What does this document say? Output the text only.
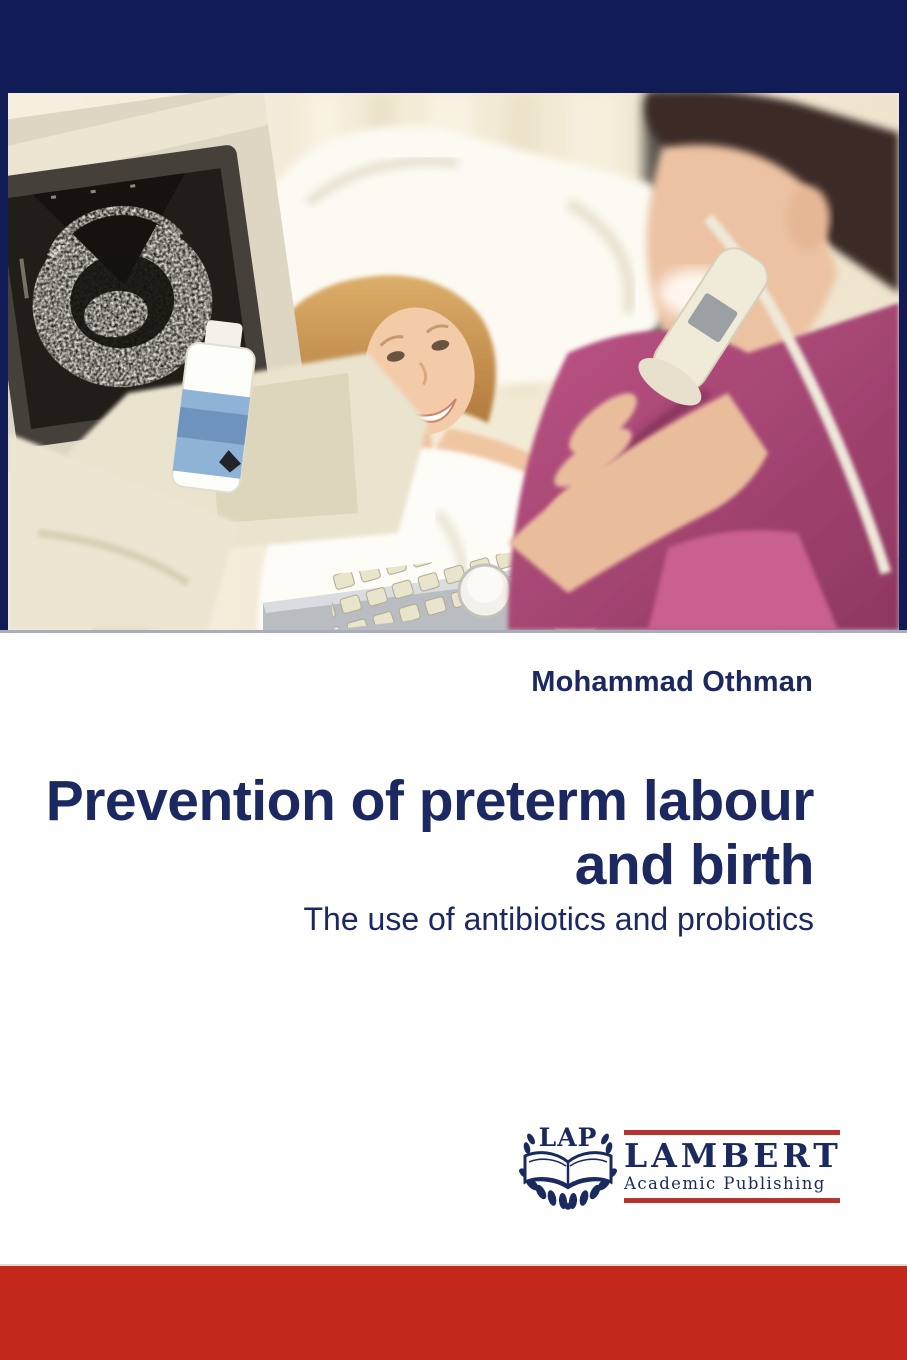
Mohammad Othman
Prevention of preterm labour
and birth
The use of antibiotics and probiotics
LAP LAMBERT
Academic Publishing
